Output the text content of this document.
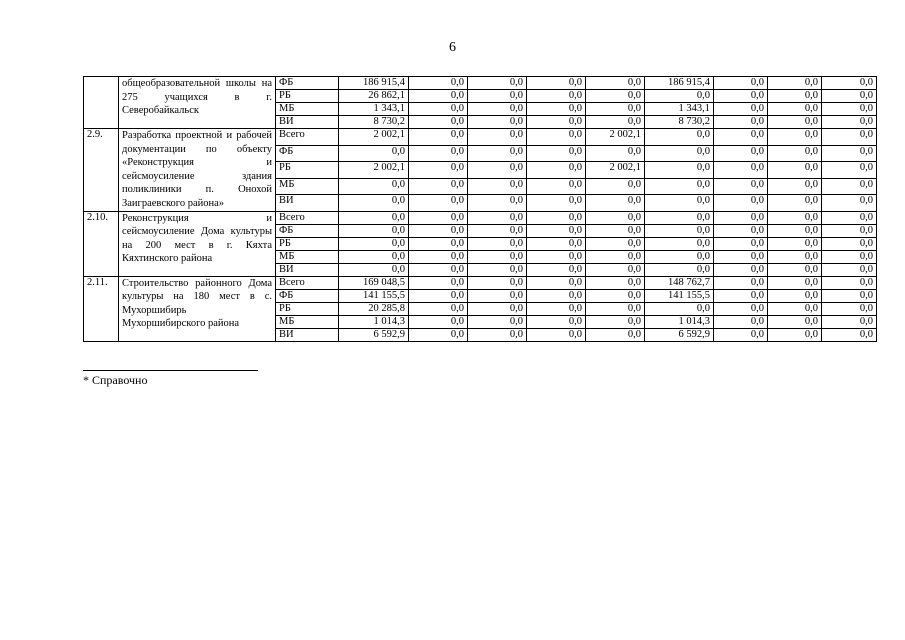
6
	общеобразовательной школы на 275 учащихся в г. Северобайкальск	ФБ	186 915,4	0,0	0,0	0,0	0,0	186 915,4	0,0	0,0	0,0
		РБ	26 862,1	0,0	0,0	0,0	0,0	0,0	0,0	0,0	0,0
		МБ	1 343,1	0,0	0,0	0,0	0,0	1 343,1	0,0	0,0	0,0
		ВИ	8 730,2	0,0	0,0	0,0	0,0	8 730,2	0,0	0,0	0,0
2.9.	Разработка проектной и рабочей документации по объекту «Реконструкция и сейсмоусиление здания поликлиники п. Онохой Заиграевского района»	Всего	2 002,1	0,0	0,0	0,0	2 002,1	0,0	0,0	0,0	0,0
		ФБ	0,0	0,0	0,0	0,0	0,0	0,0	0,0	0,0	0,0
		РБ	2 002,1	0,0	0,0	0,0	2 002,1	0,0	0,0	0,0	0,0
		МБ	0,0	0,0	0,0	0,0	0,0	0,0	0,0	0,0	0,0
		ВИ	0,0	0,0	0,0	0,0	0,0	0,0	0,0	0,0	0,0
2.10.	Реконструкция и сейсмоусиление Дома культуры на 200 мест в г. Кяхта Кяхтинского района	Всего	0,0	0,0	0,0	0,0	0,0	0,0	0,0	0,0	0,0
		ФБ	0,0	0,0	0,0	0,0	0,0	0,0	0,0	0,0	0,0
		РБ	0,0	0,0	0,0	0,0	0,0	0,0	0,0	0,0	0,0
		МБ	0,0	0,0	0,0	0,0	0,0	0,0	0,0	0,0	0,0
		ВИ	0,0	0,0	0,0	0,0	0,0	0,0	0,0	0,0	0,0
2.11.	Строительство районного Дома культуры на 180 мест в с. Мухоршибирь Мухоршибирского района	Всего	169 048,5	0,0	0,0	0,0	0,0	148 762,7	0,0	0,0	0,0
		ФБ	141 155,5	0,0	0,0	0,0	0,0	141 155,5	0,0	0,0	0,0
		РБ	20 285,8	0,0	0,0	0,0	0,0	0,0	0,0	0,0	0,0
		МБ	1 014,3	0,0	0,0	0,0	0,0	1 014,3	0,0	0,0	0,0
		ВИ	6 592,9	0,0	0,0	0,0	0,0	6 592,9	0,0	0,0	0,0
* Справочно
